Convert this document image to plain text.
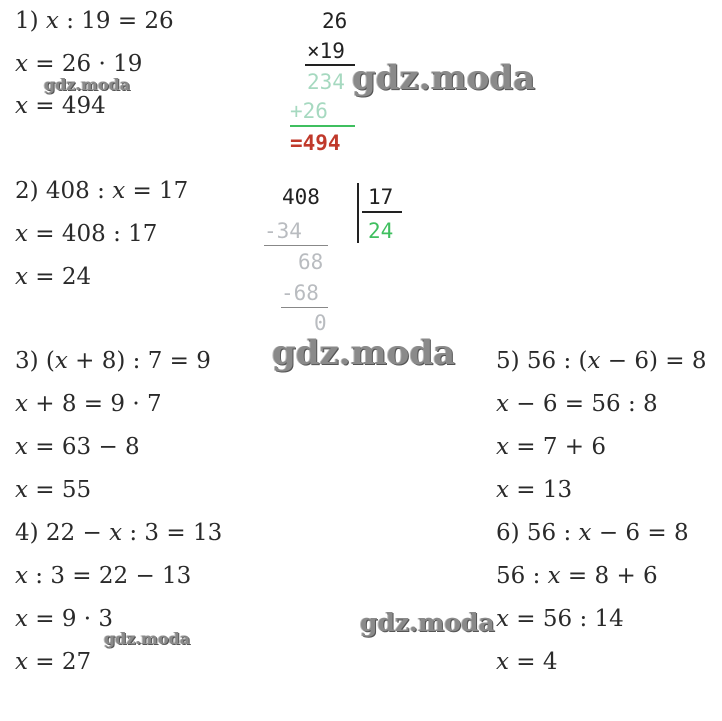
1) 𝑥 : 19 = 26
𝑥 = 26 · 19
𝑥 = 494
26
×19
234
+26
=494
2) 408 : 𝑥 = 17
𝑥 = 408 : 17
𝑥 = 24
408 17
24
-34
68
-68
0
3) (𝑥 + 8) : 7 = 9
𝑥 + 8 = 9 · 7
𝑥 = 63 − 8
𝑥 = 55
4) 22 − 𝑥 : 3 = 13
𝑥 : 3 = 22 − 13
𝑥 = 9 · 3
𝑥 = 27
5) 56 : (𝑥 − 6) = 8
𝑥 − 6 = 56 : 8
𝑥 = 7 + 6
𝑥 = 13
6) 56 : 𝑥 − 6 = 8
56 : 𝑥 = 8 + 6
𝑥 = 56 : 14
𝑥 = 4
gdz.moda
gdz.moda
gdz.moda
gdz.moda
gdz.moda
